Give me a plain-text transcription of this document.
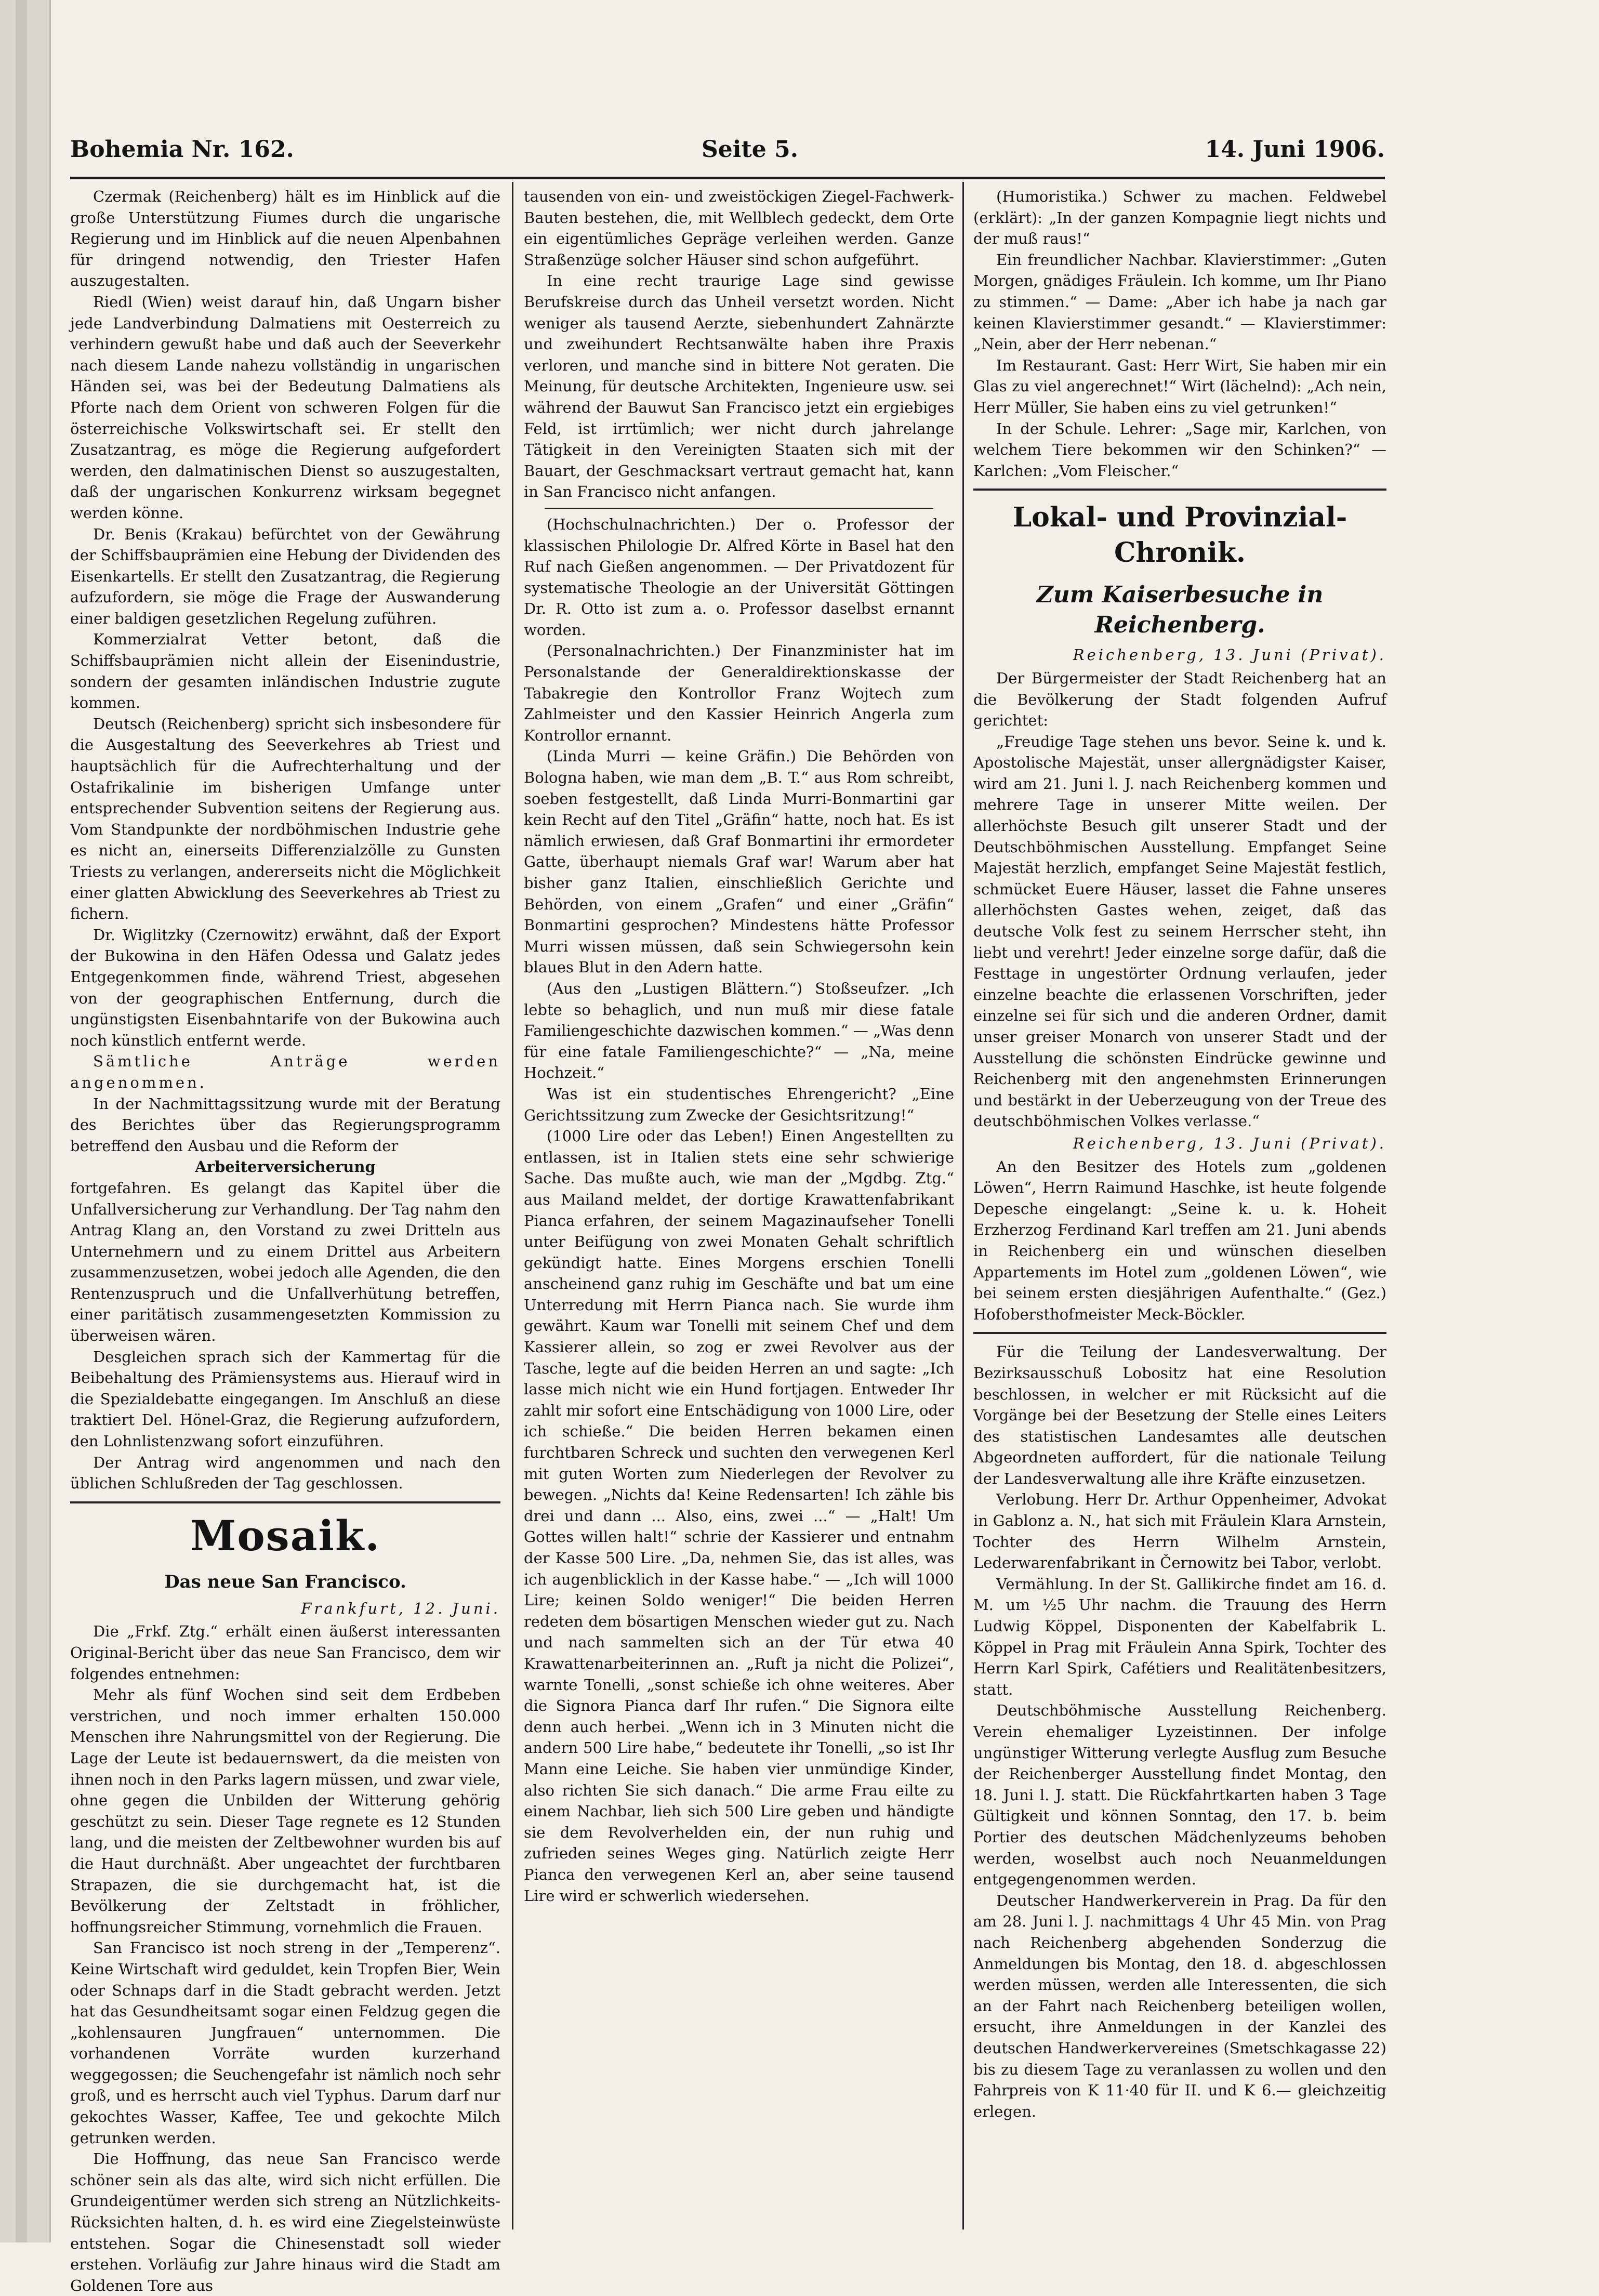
Bohemia Nr. 162.	Seite 5.	14. Juni 1906.

Czermak (Reichenberg) hält es im Hinblick auf die große Unterstützung Fiumes durch die ungarische Regierung und im Hinblick auf die neuen Alpenbahnen für dringend notwendig, den Triester Hafen auszugestalten.

Riedl (Wien) weist darauf hin, daß Ungarn bisher jede Landverbindung Dalmatiens mit Oesterreich zu verhindern gewußt habe und daß auch der Seeverkehr nach diesem Lande nahezu vollständig in ungarischen Händen sei, was bei der Bedeutung Dalmatiens als Pforte nach dem Orient von schweren Folgen für die österreichische Volkswirtschaft sei. Er stellt den Zusatzantrag, es möge die Regierung aufgefordert werden, den dalmatinischen Dienst so auszugestalten, daß der ungarischen Konkurrenz wirksam begegnet werden könne.

Dr. Benis (Krakau) befürchtet von der Gewährung der Schiffsbauprämien eine Hebung der Dividenden des Eisenkartells. Er stellt den Zusatzantrag, die Regierung aufzufordern, sie möge die Frage der Auswanderung einer baldigen gesetzlichen Regelung zuführen.

Kommerzialrat Vetter betont, daß die Schiffsbauprämien nicht allein der Eisenindustrie, sondern der gesamten inländischen Industrie zugute kommen.

Deutsch (Reichenberg) spricht sich insbesondere für die Ausgestaltung des Seeverkehres ab Triest und hauptsächlich für die Aufrechterhaltung und der Ostafrikalinie im bisherigen Umfange unter entsprechender Subvention seitens der Regierung aus. Vom Standpunkte der nordböhmischen Industrie gehe es nicht an, einerseits Differenzialzölle zu Gunsten Triests zu verlangen, andererseits nicht die Möglichkeit einer glatten Abwicklung des Seeverkehres ab Triest zu fichern.

Dr. Wiglitzky (Czernowitz) erwähnt, daß der Export der Bukowina in den Häfen Odessa und Galatz jedes Entgegenkommen finde, während Triest, abgesehen von der geographischen Entfernung, durch die ungünstigsten Eisenbahntarife von der Bukowina auch noch künstlich entfernt werde.

Sämtliche Anträge werden angenommen.

In der Nachmittagssitzung wurde mit der Beratung des Berichtes über das Regierungsprogramm betreffend den Ausbau und die Reform der

Arbeiterversicherung

fortgefahren. Es gelangt das Kapitel über die Unfallversicherung zur Verhandlung. Der Tag nahm den Antrag Klang an, den Vorstand zu zwei Dritteln aus Unternehmern und zu einem Drittel aus Arbeitern zusammenzusetzen, wobei jedoch alle Agenden, die den Rentenzuspruch und die Unfallverhütung betreffen, einer paritätisch zusammengesetzten Kommission zu überweisen wären.

Desgleichen sprach sich der Kammertag für die Beibehaltung des Prämiensystems aus. Hierauf wird in die Spezialdebatte eingegangen. Im Anschluß an diese traktiert Del. Hönel-Graz, die Regierung aufzufordern, den Lohnlistenzwang sofort einzuführen.

Der Antrag wird angenommen und nach den üblichen Schlußreden der Tag geschlossen.

Mosaik.
Das neue San Francisco.
Frankfurt, 12. Juni.

Die „Frkf. Ztg.“ erhält einen äußerst interessanten Original-Bericht über das neue San Francisco, dem wir folgendes entnehmen:

Mehr als fünf Wochen sind seit dem Erdbeben verstrichen, und noch immer erhalten 150.000 Menschen ihre Nahrungsmittel von der Regierung. Die Lage der Leute ist bedauernswert, da die meisten von ihnen noch in den Parks lagern müssen, und zwar viele, ohne gegen die Unbilden der Witterung gehörig geschützt zu sein. Dieser Tage regnete es 12 Stunden lang, und die meisten der Zeltbewohner wurden bis auf die Haut durchnäßt. Aber ungeachtet der furchtbaren Strapazen, die sie durchgemacht hat, ist die Bevölkerung der Zeltstadt in fröhlicher, hoffnungsreicher Stimmung, vornehmlich die Frauen.

San Francisco ist noch streng in der „Temperenz“. Keine Wirtschaft wird geduldet, kein Tropfen Bier, Wein oder Schnaps darf in die Stadt gebracht werden. Jetzt hat das Gesundheitsamt sogar einen Feldzug gegen die „kohlensauren Jungfrauen“ unternommen. Die vorhandenen Vorräte wurden kurzerhand weggegossen; die Seuchengefahr ist nämlich noch sehr groß, und es herrscht auch viel Typhus. Darum darf nur gekochtes Wasser, Kaffee, Tee und gekochte Milch getrunken werden.

Die Hoffnung, das neue San Francisco werde schöner sein als das alte, wird sich nicht erfüllen. Die Grundeigentümer werden sich streng an Nützlichkeits-Rücksichten halten, d. h. es wird eine Ziegelsteinwüste entstehen. Sogar die Chinesenstadt soll wieder erstehen. Vorläufig zur Jahre hinaus wird die Stadt am Goldenen Tore aus

tausenden von ein- und zweistöckigen Ziegel-Fachwerk-Bauten bestehen, die, mit Wellblech gedeckt, dem Orte ein eigentümliches Gepräge verleihen werden. Ganze Straßenzüge solcher Häuser sind schon aufgeführt.

In eine recht traurige Lage sind gewisse Berufskreise durch das Unheil versetzt worden. Nicht weniger als tausend Aerzte, siebenhundert Zahnärzte und zweihundert Rechtsanwälte haben ihre Praxis verloren, und manche sind in bittere Not geraten. Die Meinung, für deutsche Architekten, Ingenieure usw. sei während der Bauwut San Francisco jetzt ein ergiebiges Feld, ist irrtümlich; wer nicht durch jahrelange Tätigkeit in den Vereinigten Staaten sich mit der Bauart, der Geschmacksart vertraut gemacht hat, kann in San Francisco nicht anfangen.

(Hochschulnachrichten.) Der o. Professor der klassischen Philologie Dr. Alfred Körte in Basel hat den Ruf nach Gießen angenommen. — Der Privatdozent für systematische Theologie an der Universität Göttingen Dr. R. Otto ist zum a. o. Professor daselbst ernannt worden.

(Personalnachrichten.) Der Finanzminister hat im Personalstande der Generaldirektionskasse der Tabakregie den Kontrollor Franz Wojtech zum Zahlmeister und den Kassier Heinrich Angerla zum Kontrollor ernannt.

(Linda Murri — keine Gräfin.) Die Behörden von Bologna haben, wie man dem „B. T.“ aus Rom schreibt, soeben festgestellt, daß Linda Murri-Bonmartini gar kein Recht auf den Titel „Gräfin“ hatte, noch hat. Es ist nämlich erwiesen, daß Graf Bonmartini ihr ermordeter Gatte, überhaupt niemals Graf war! Warum aber hat bisher ganz Italien, einschließlich Gerichte und Behörden, von einem „Grafen“ und einer „Gräfin“ Bonmartini gesprochen? Mindestens hätte Professor Murri wissen müssen, daß sein Schwiegersohn kein blaues Blut in den Adern hatte.

(Aus den „Lustigen Blättern.“) Stoßseufzer. „Ich lebte so behaglich, und nun muß mir diese fatale Familiengeschichte dazwischen kommen.“ — „Was denn für eine fatale Familiengeschichte?“ — „Na, meine Hochzeit.“

Was ist ein studentisches Ehrengericht? „Eine Gerichtssitzung zum Zwecke der Gesichtsritzung!“

(1000 Lire oder das Leben!) Einen Angestellten zu entlassen, ist in Italien stets eine sehr schwierige Sache. Das mußte auch, wie man der „Mgdbg. Ztg.“ aus Mailand meldet, der dortige Krawattenfabrikant Pianca erfahren, der seinem Magazinaufseher Tonelli unter Beifügung von zwei Monaten Gehalt schriftlich gekündigt hatte. Eines Morgens erschien Tonelli anscheinend ganz ruhig im Geschäfte und bat um eine Unterredung mit Herrn Pianca nach. Sie wurde ihm gewährt. Kaum war Tonelli mit seinem Chef und dem Kassierer allein, so zog er zwei Revolver aus der Tasche, legte auf die beiden Herren an und sagte: „Ich lasse mich nicht wie ein Hund fortjagen. Entweder Ihr zahlt mir sofort eine Entschädigung von 1000 Lire, oder ich schieße.“ Die beiden Herren bekamen einen furchtbaren Schreck und suchten den verwegenen Kerl mit guten Worten zum Niederlegen der Revolver zu bewegen. „Nichts da! Keine Redensarten! Ich zähle bis drei und dann ... Also, eins, zwei ...“ — „Halt! Um Gottes willen halt!“ schrie der Kassierer und entnahm der Kasse 500 Lire. „Da, nehmen Sie, das ist alles, was ich augenblicklich in der Kasse habe.“ — „Ich will 1000 Lire; keinen Soldo weniger!“ Die beiden Herren redeten dem bösartigen Menschen wieder gut zu. Nach und nach sammelten sich an der Tür etwa 40 Krawattenarbeiterinnen an. „Ruft ja nicht die Polizei“, warnte Tonelli, „sonst schieße ich ohne weiteres. Aber die Signora Pianca darf Ihr rufen.“ Die Signora eilte denn auch herbei. „Wenn ich in 3 Minuten nicht die andern 500 Lire habe,“ bedeutete ihr Tonelli, „so ist Ihr Mann eine Leiche. Sie haben vier unmündige Kinder, also richten Sie sich danach.“ Die arme Frau eilte zu einem Nachbar, lieh sich 500 Lire geben und händigte sie dem Revolverhelden ein, der nun ruhig und zufrieden seines Weges ging. Natürlich zeigte Herr Pianca den verwegenen Kerl an, aber seine tausend Lire wird er schwerlich wiedersehen.

(Humoristika.) Schwer zu machen. Feldwebel (erklärt): „In der ganzen Kompagnie liegt nichts und der muß raus!“

Ein freundlicher Nachbar. Klavierstimmer: „Guten Morgen, gnädiges Fräulein. Ich komme, um Ihr Piano zu stimmen.“ — Dame: „Aber ich habe ja nach gar keinen Klavierstimmer gesandt.“ — Klavierstimmer: „Nein, aber der Herr nebenan.“

Im Restaurant. Gast: Herr Wirt, Sie haben mir ein Glas zu viel angerechnet!“ Wirt (lächelnd): „Ach nein, Herr Müller, Sie haben eins zu viel getrunken!“

In der Schule. Lehrer: „Sage mir, Karlchen, von welchem Tiere bekommen wir den Schinken?“ — Karlchen: „Vom Fleischer.“

Lokal- und Provinzial-Chronik.
Zum Kaiserbesuche in Reichenberg.
Reichenberg, 13. Juni (Privat).

Der Bürgermeister der Stadt Reichenberg hat an die Bevölkerung der Stadt folgenden Aufruf gerichtet:

„Freudige Tage stehen uns bevor. Seine k. und k. Apostolische Majestät, unser allergnädigster Kaiser, wird am 21. Juni l. J. nach Reichenberg kommen und mehrere Tage in unserer Mitte weilen. Der allerhöchste Besuch gilt unserer Stadt und der Deutschböhmischen Ausstellung. Empfanget Seine Majestät herzlich, empfanget Seine Majestät festlich, schmücket Euere Häuser, lasset die Fahne unseres allerhöchsten Gastes wehen, zeiget, daß das deutsche Volk fest zu seinem Herrscher steht, ihn liebt und verehrt! Jeder einzelne sorge dafür, daß die Festtage in ungestörter Ordnung verlaufen, jeder einzelne beachte die erlassenen Vorschriften, jeder einzelne sei für sich und die anderen Ordner, damit unser greiser Monarch von unserer Stadt und der Ausstellung die schönsten Eindrücke gewinne und Reichenberg mit den angenehmsten Erinnerungen und bestärkt in der Ueberzeugung von der Treue des deutschböhmischen Volkes verlasse.“

Reichenberg, 13. Juni (Privat).

An den Besitzer des Hotels zum „goldenen Löwen“, Herrn Raimund Haschke, ist heute folgende Depesche eingelangt: „Seine k. u. k. Hoheit Erzherzog Ferdinand Karl treffen am 21. Juni abends in Reichenberg ein und wünschen dieselben Appartements im Hotel zum „goldenen Löwen“, wie bei seinem ersten diesjährigen Aufenthalte.“ (Gez.) Hofobersthofmeister Meck-Böckler.

Für die Teilung der Landesverwaltung. Der Bezirksausschuß Lobositz hat eine Resolution beschlossen, in welcher er mit Rücksicht auf die Vorgänge bei der Besetzung der Stelle eines Leiters des statistischen Landesamtes alle deutschen Abgeordneten auffordert, für die nationale Teilung der Landesverwaltung alle ihre Kräfte einzusetzen.

Verlobung. Herr Dr. Arthur Oppenheimer, Advokat in Gablonz a. N., hat sich mit Fräulein Klara Arnstein, Tochter des Herrn Wilhelm Arnstein, Lederwarenfabrikant in Černowitz bei Tabor, verlobt.

Vermählung. In der St. Gallikirche findet am 16. d. M. um ½5 Uhr nachm. die Trauung des Herrn Ludwig Köppel, Disponenten der Kabelfabrik L. Köppel in Prag mit Fräulein Anna Spirk, Tochter des Herrn Karl Spirk, Cafétiers und Realitätenbesitzers, statt.

Deutschböhmische Ausstellung Reichenberg. Verein ehemaliger Lyzeistinnen. Der infolge ungünstiger Witterung verlegte Ausflug zum Besuche der Reichenberger Ausstellung findet Montag, den 18. Juni l. J. statt. Die Rückfahrtkarten haben 3 Tage Gültigkeit und können Sonntag, den 17. b. beim Portier des deutschen Mädchenlyzeums behoben werden, woselbst auch noch Neuanmeldungen entgegengenommen werden.

Deutscher Handwerkerverein in Prag. Da für den am 28. Juni l. J. nachmittags 4 Uhr 45 Min. von Prag nach Reichenberg abgehenden Sonderzug die Anmeldungen bis Montag, den 18. d. abgeschlossen werden müssen, werden alle Interessenten, die sich an der Fahrt nach Reichenberg beteiligen wollen, ersucht, ihre Anmeldungen in der Kanzlei des deutschen Handwerkervereines (Smetschkagasse 22) bis zu diesem Tage zu veranlassen zu wollen und den Fahrpreis von K 11·40 für II. und K 6.— gleichzeitig erlegen.
